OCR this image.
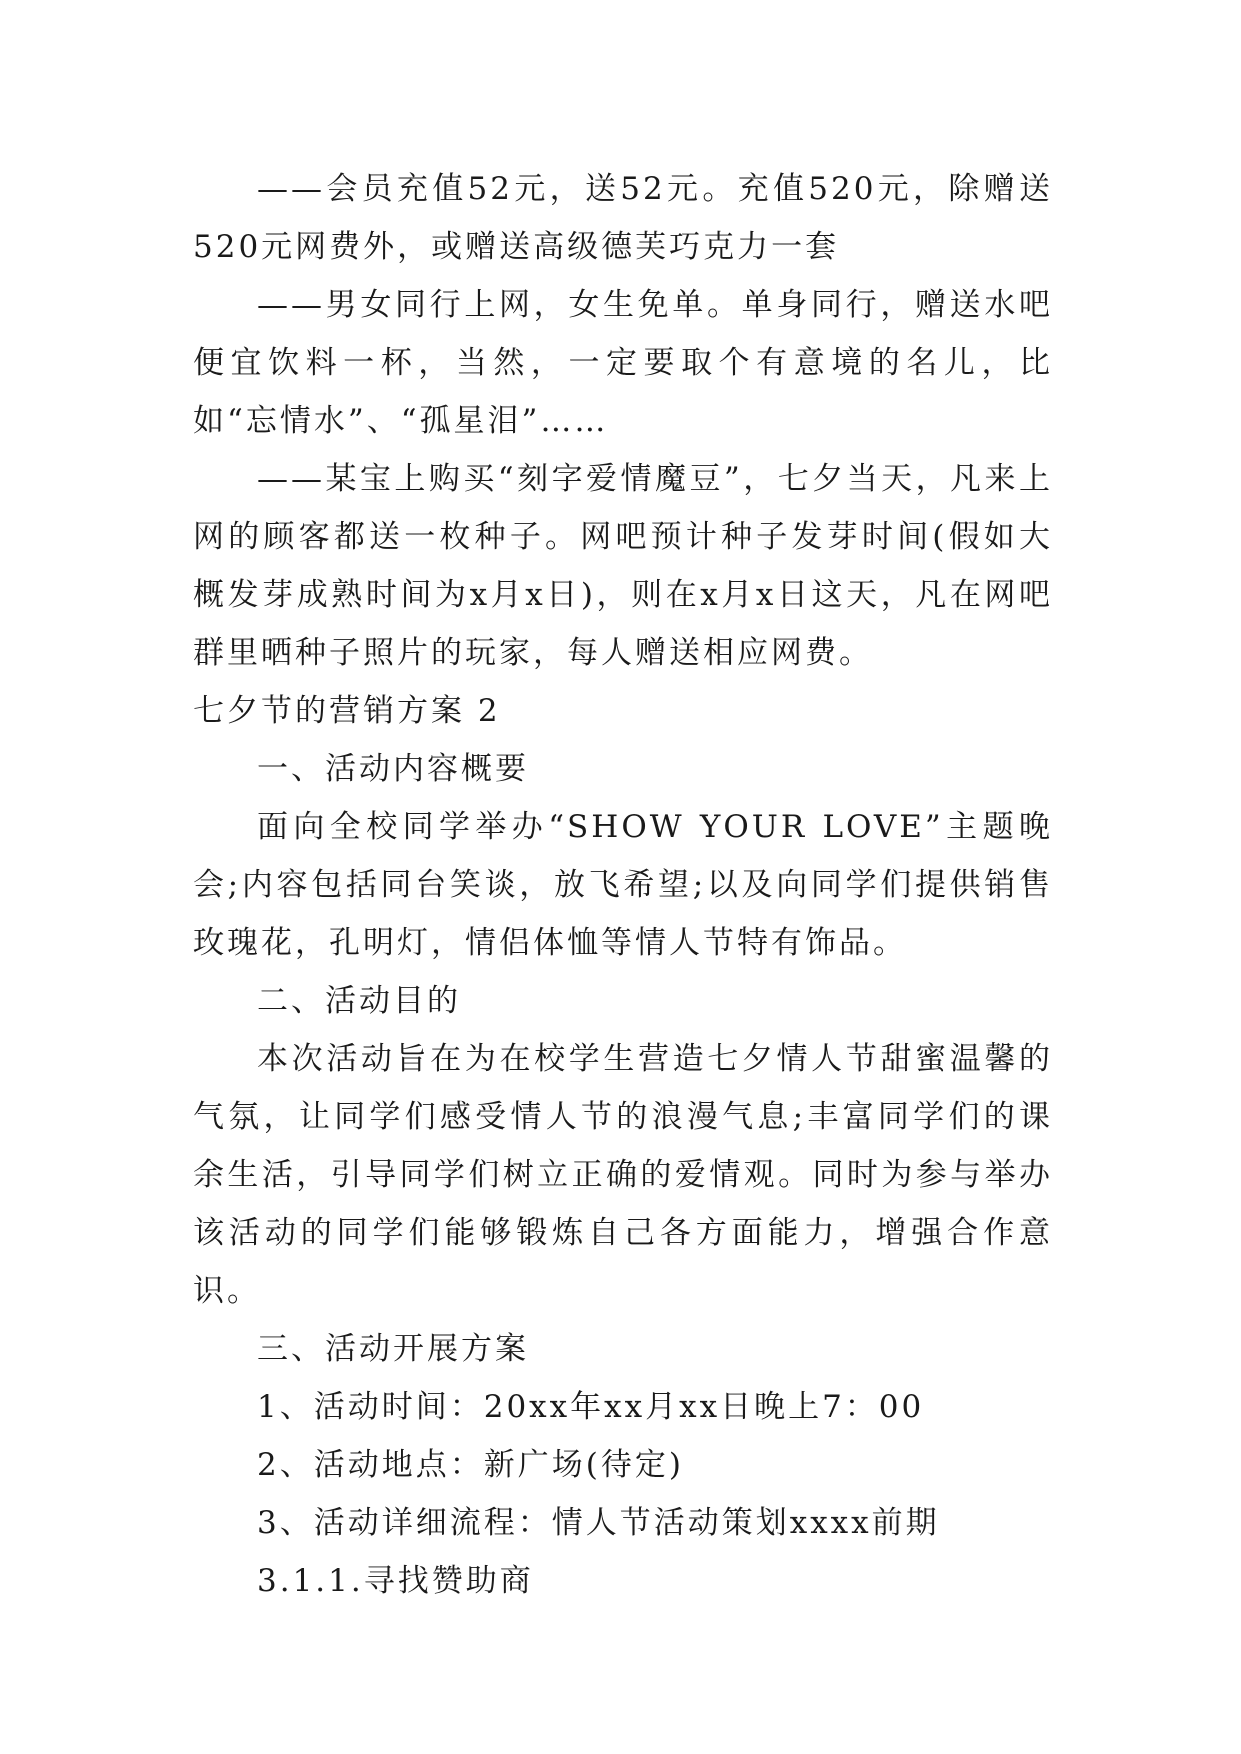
——会员充值52元，送52元。充值520元，除赠送520元网费外，或赠送高级德芙巧克力一套

——男女同行上网，女生免单。单身同行，赠送水吧便宜饮料一杯，当然，一定要取个有意境的名儿，比如“忘情水”、“孤星泪”……

——某宝上购买“刻字爱情魔豆”，七夕当天，凡来上网的顾客都送一枚种子。网吧预计种子发芽时间(假如大概发芽成熟时间为x月x日)，则在x月x日这天，凡在网吧群里晒种子照片的玩家，每人赠送相应网费。

七夕节的营销方案 2

一、活动内容概要

面向全校同学举办“SHOW YOUR LOVE”主题晚会;内容包括同台笑谈，放飞希望;以及向同学们提供销售玫瑰花，孔明灯，情侣体恤等情人节特有饰品。

二、活动目的

本次活动旨在为在校学生营造七夕情人节甜蜜温馨的气氛，让同学们感受情人节的浪漫气息;丰富同学们的课余生活，引导同学们树立正确的爱情观。同时为参与举办该活动的同学们能够锻炼自己各方面能力，增强合作意识。

三、活动开展方案

1、活动时间：20xx年xx月xx日晚上7：00

2、活动地点：新广场(待定)

3、活动详细流程：情人节活动策划xxxx前期

3.1.1.寻找赞助商
